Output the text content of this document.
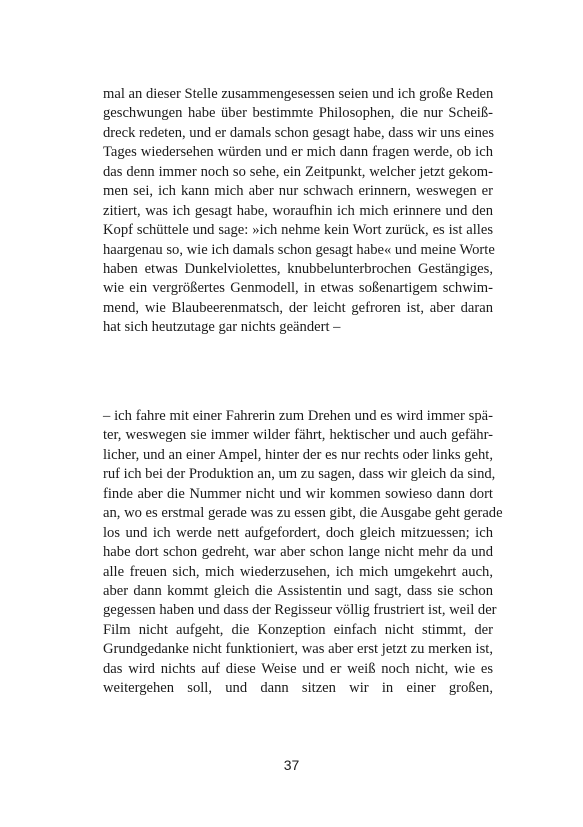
mal an dieser Stelle zusammengesessen seien und ich große Reden
geschwungen habe über bestimmte Philosophen, die nur Scheiß-
dreck redeten, und er damals schon gesagt habe, dass wir uns eines
Tages wiedersehen würden und er mich dann fragen werde, ob ich
das denn immer noch so sehe, ein Zeitpunkt, welcher jetzt gekom-
men sei, ich kann mich aber nur schwach erinnern, weswegen er
zitiert, was ich gesagt habe, woraufhin ich mich erinnere und den
Kopf schüttele und sage: »ich nehme kein Wort zurück, es ist alles
haargenau so, wie ich damals schon gesagt habe« und meine Worte
haben etwas Dunkelviolettes, knubbelunterbrochen Gestängiges,
wie ein vergrößertes Genmodell, in etwas soßenartigem schwim-
mend, wie Blaubeerenmatsch, der leicht gefroren ist, aber daran
hat sich heutzutage gar nichts geändert –
– ich fahre mit einer Fahrerin zum Drehen und es wird immer spä-
ter, weswegen sie immer wilder fährt, hektischer und auch gefähr-
licher, und an einer Ampel, hinter der es nur rechts oder links geht,
ruf ich bei der Produktion an, um zu sagen, dass wir gleich da sind,
finde aber die Nummer nicht und wir kommen sowieso dann dort
an, wo es erstmal gerade was zu essen gibt, die Ausgabe geht gerade
los und ich werde nett aufgefordert, doch gleich mitzuessen; ich
habe dort schon gedreht, war aber schon lange nicht mehr da und
alle freuen sich, mich wiederzusehen, ich mich umgekehrt auch,
aber dann kommt gleich die Assistentin und sagt, dass sie schon
gegessen haben und dass der Regisseur völlig frustriert ist, weil der
Film nicht aufgeht, die Konzeption einfach nicht stimmt, der
Grundgedanke nicht funktioniert, was aber erst jetzt zu merken ist,
das wird nichts auf diese Weise und er weiß noch nicht, wie es
weitergehen soll, und dann sitzen wir in einer großen,
37
